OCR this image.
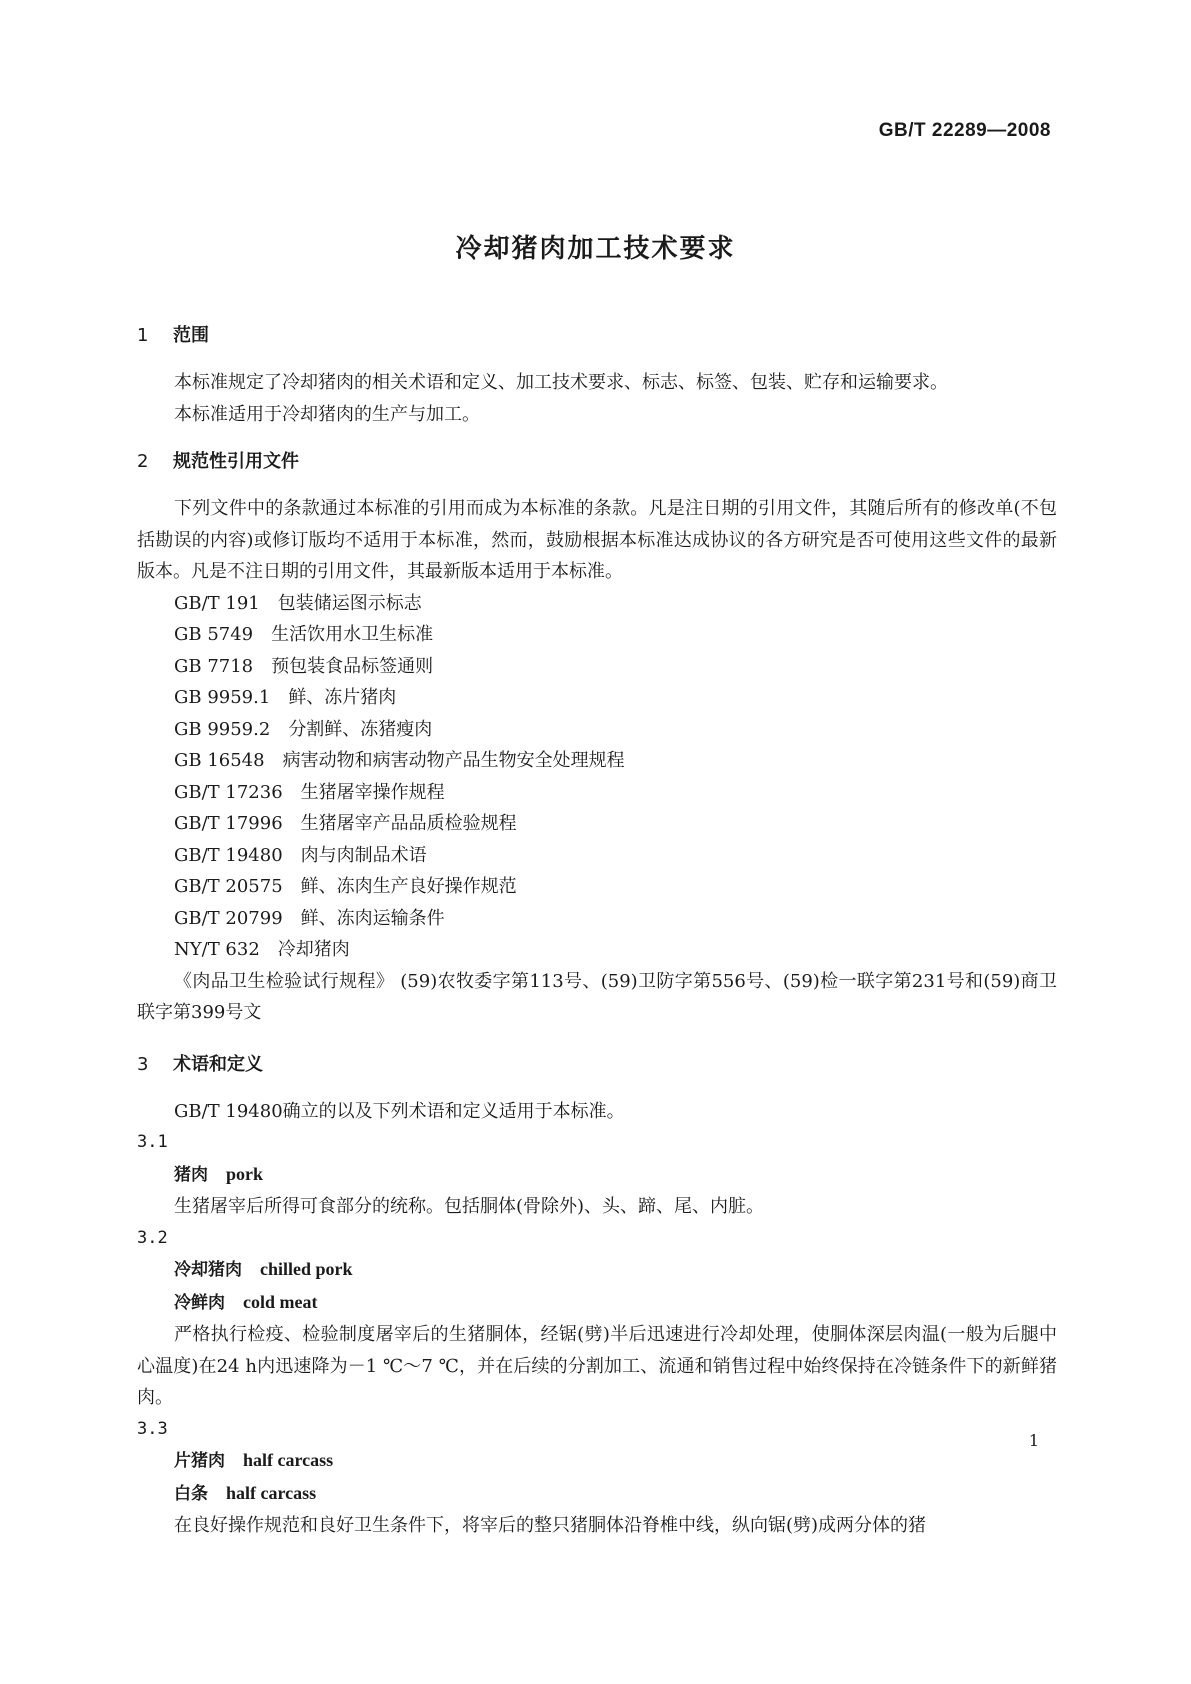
GB/T 22289—2008
冷却猪肉加工技术要求
1 范围
本标准规定了冷却猪肉的相关术语和定义、加工技术要求、标志、标签、包装、贮存和运输要求。
本标准适用于冷却猪肉的生产与加工。
2 规范性引用文件
下列文件中的条款通过本标准的引用而成为本标准的条款。凡是注日期的引用文件，其随后所有的修改单(不包括勘误的内容)或修订版均不适用于本标准，然而，鼓励根据本标准达成协议的各方研究是否可使用这些文件的最新版本。凡是不注日期的引用文件，其最新版本适用于本标准。
GB/T 191 包装储运图示标志
GB 5749 生活饮用水卫生标准
GB 7718 预包装食品标签通则
GB 9959.1 鲜、冻片猪肉
GB 9959.2 分割鲜、冻猪瘦肉
GB 16548 病害动物和病害动物产品生物安全处理规程
GB/T 17236 生猪屠宰操作规程
GB/T 17996 生猪屠宰产品品质检验规程
GB/T 19480 肉与肉制品术语
GB/T 20575 鲜、冻肉生产良好操作规范
GB/T 20799 鲜、冻肉运输条件
NY/T 632 冷却猪肉
《肉品卫生检验试行规程》 (59)农牧委字第113号、(59)卫防字第556号、(59)检一联字第231号和(59)商卫联字第399号文
3 术语和定义
GB/T 19480确立的以及下列术语和定义适用于本标准。
3.1
猪肉 pork
生猪屠宰后所得可食部分的统称。包括胴体(骨除外)、头、蹄、尾、内脏。
3.2
冷却猪肉 chilled pork
冷鲜肉 cold meat
严格执行检疫、检验制度屠宰后的生猪胴体，经锯(劈)半后迅速进行冷却处理，使胴体深层肉温(一般为后腿中心温度)在24 h内迅速降为－1 ℃～7 ℃，并在后续的分割加工、流通和销售过程中始终保持在冷链条件下的新鲜猪肉。
3.3
片猪肉 half carcass
白条 half carcass
在良好操作规范和良好卫生条件下，将宰后的整只猪胴体沿脊椎中线，纵向锯(劈)成两分体的猪
1
